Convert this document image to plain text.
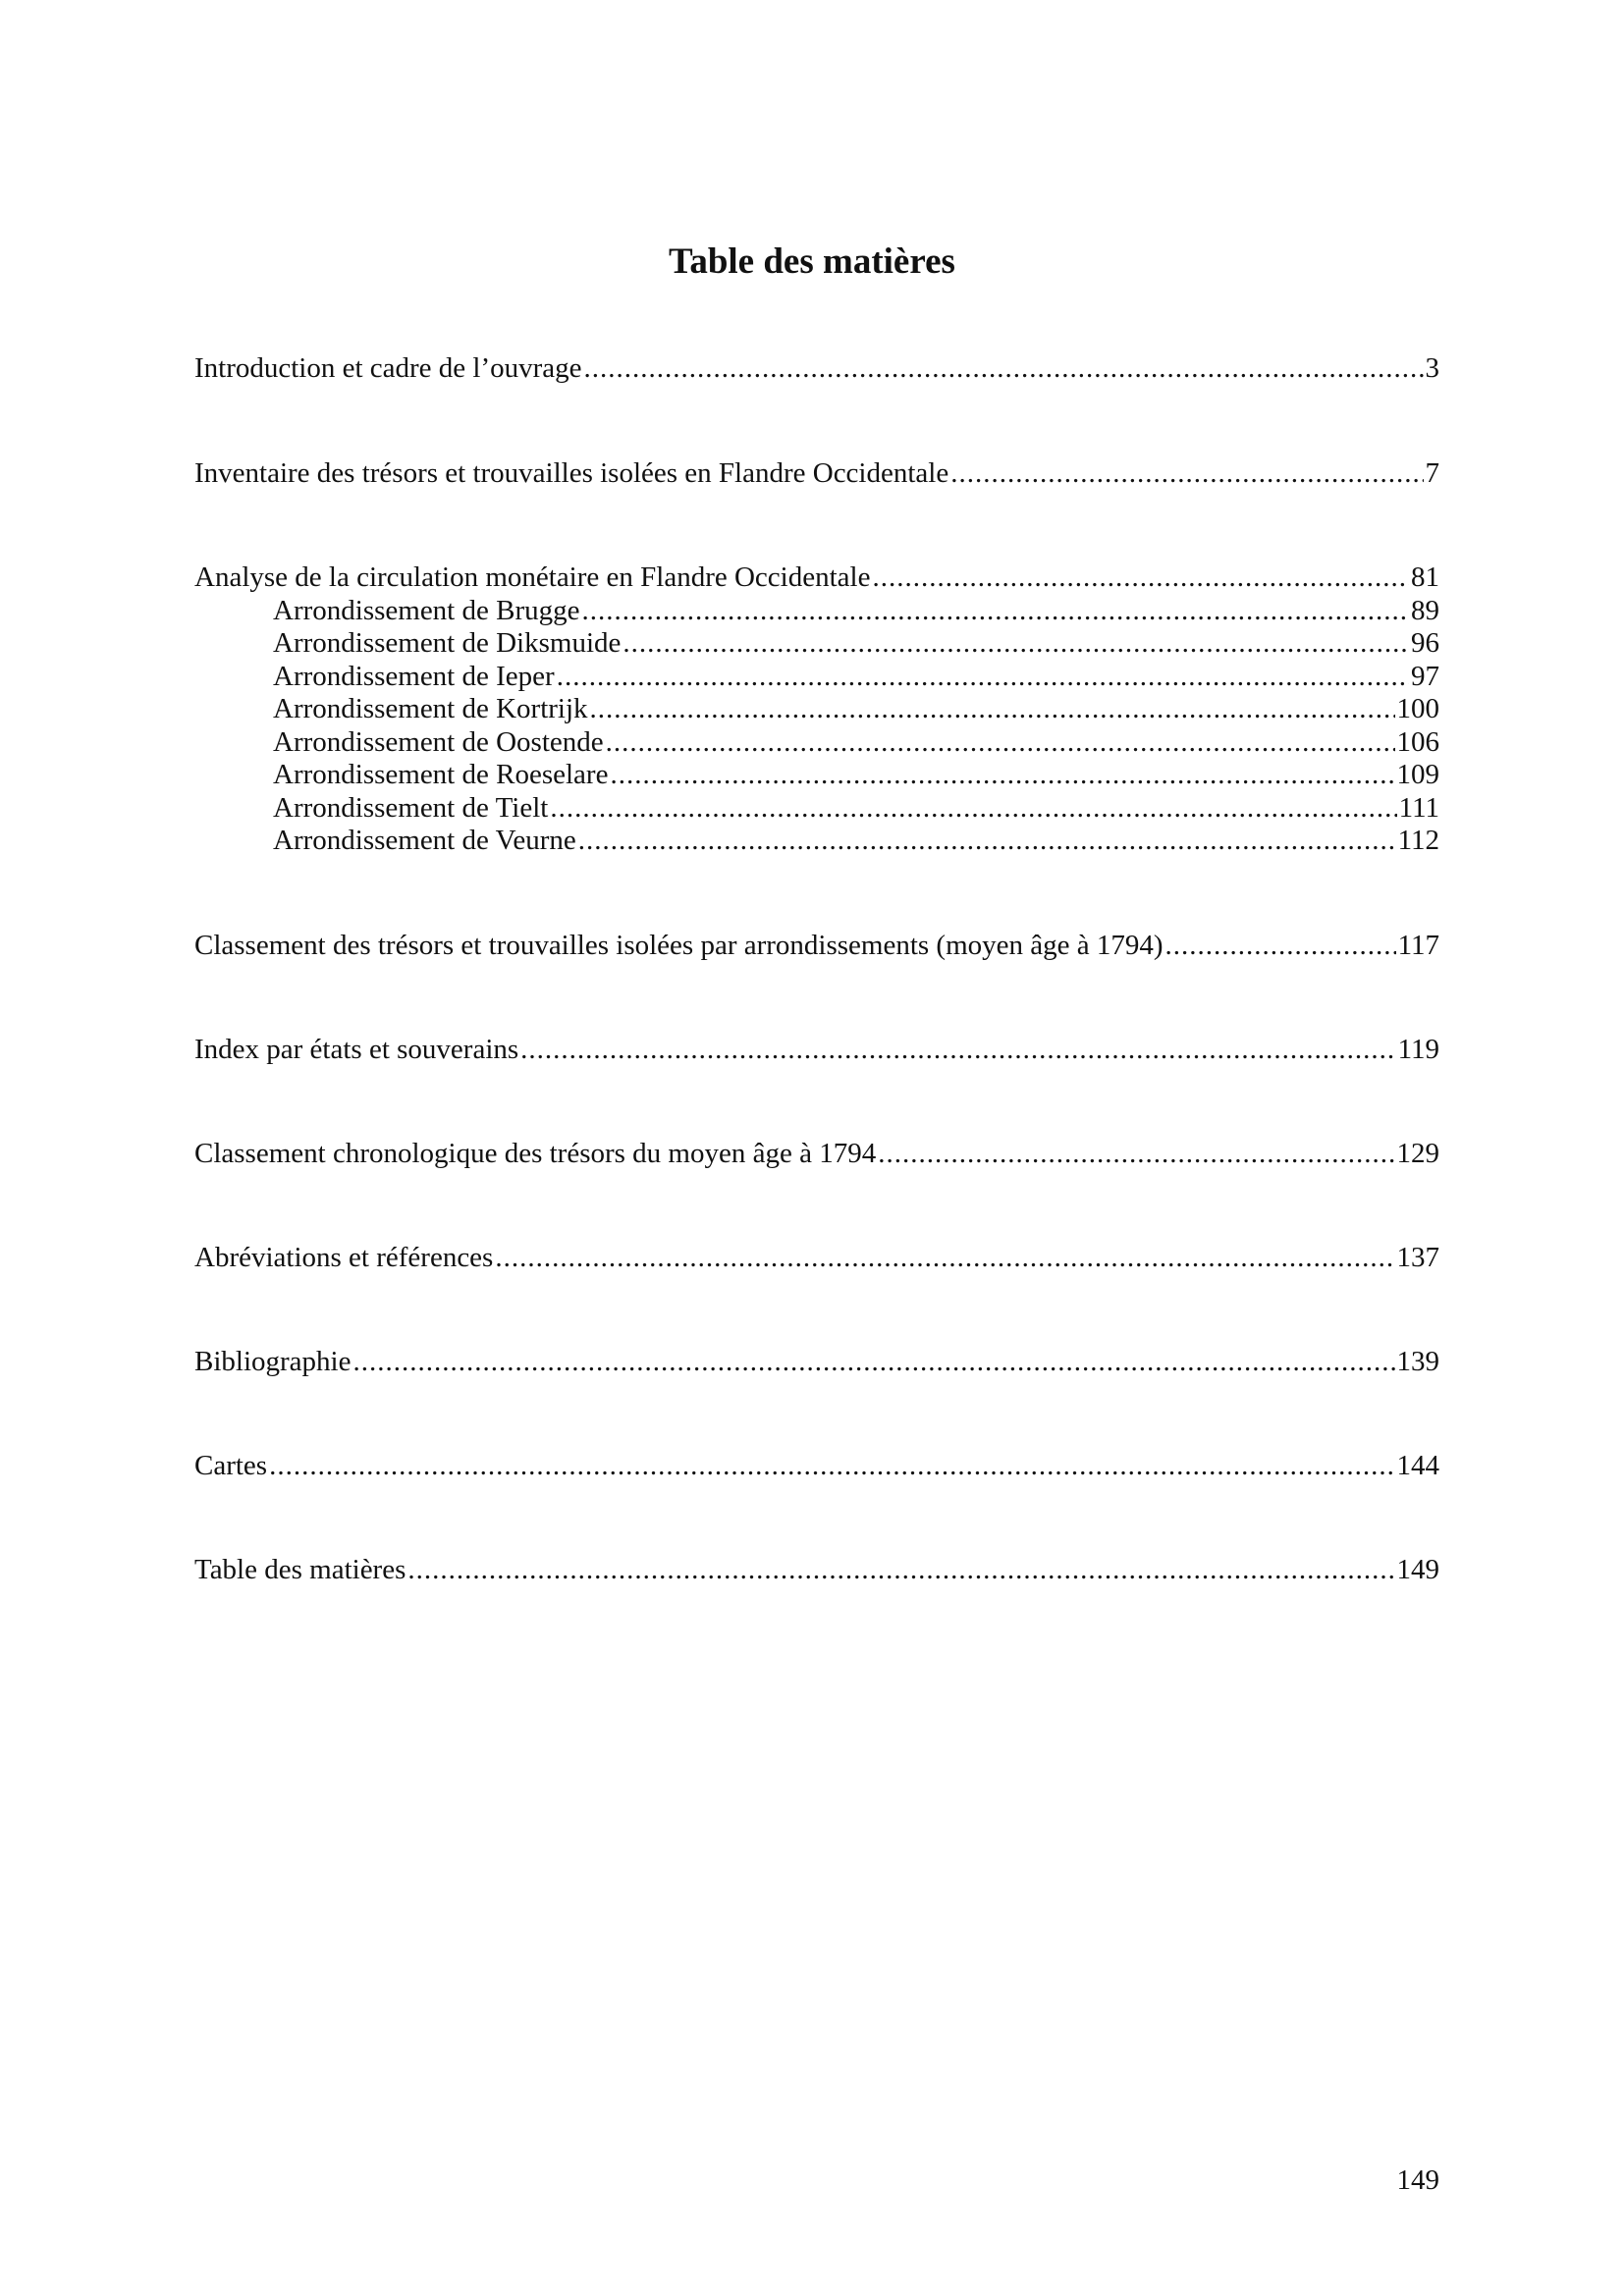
Table des matières
Introduction et cadre de l’ouvrage .....	3
Inventaire des trésors et trouvailles isolées en Flandre Occidentale .....	7
Analyse de la circulation monétaire en Flandre Occidentale .....	81
Arrondissement de Brugge .....	89
Arrondissement de Diksmuide .....	96
Arrondissement de Ieper .....	97
Arrondissement de Kortrijk .....	100
Arrondissement de Oostende .....	106
Arrondissement de Roeselare .....	109
Arrondissement de Tielt .....	111
Arrondissement de Veurne .....	112
Classement des trésors et trouvailles isolées par arrondissements (moyen âge à 1794) .....	117
Index par états et souverains .....	119
Classement chronologique des trésors du moyen âge à 1794 .....	129
Abréviations et références .....	137
Bibliographie .....	139
Cartes .....	144
Table des matières .....	149
149
